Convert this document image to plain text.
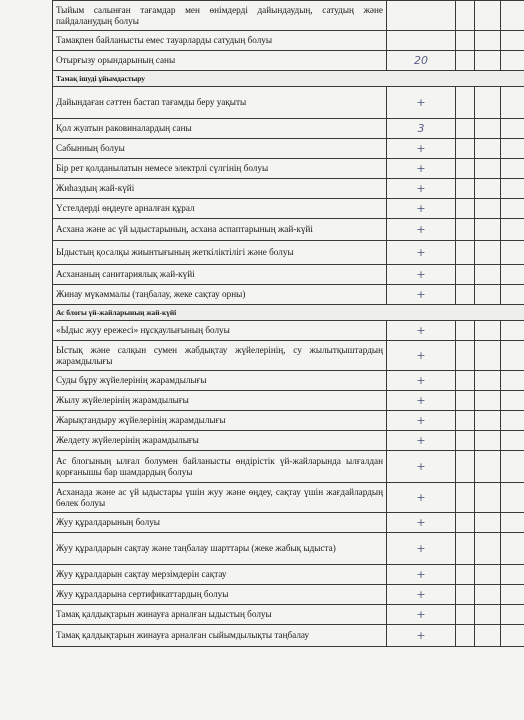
Тыйым салынған тағамдар мен өнімдерді дайындаудың, сатудың және пайдаланудың болуы				
Тамақпен байланысты емес тауарларды сатудың болуы				
Отырғызу орындарының саны	20			
Тамақ ішуді ұйымдастыру				
Дайындаған сәттен бастап тағамды беру уақыты	+			
Қол жуатын раковиналардың саны	3			
Сабынның болуы	+			
Бір рет қолданылатын немесе электрлі сүлгінің болуы	+			
Жиһаздың жай-күйі	+			
Үстелдерді өңдеуге арналған құрал	+			
Асхана және ас үй ыдыстарының, асхана аспаптарының жай-күйі	+			
Ыдыстың қосалқы жиынтығының жеткіліктілігі және болуы	+			
Асхананың санитариялық жай-күйі	+			
Жинау мүкәммалы (таңбалау, жеке сақтау орны)	+			
Ас блогы үй-жайларының жай-күйі				
«Ыдыс жуу ережесі» нұсқаулығының болуы	+			
Ыстық және салқын сумен жабдықтау жүйелерінің, су жылытқыштардың жарамдылығы	+			
Суды бұру жүйелерінің жарамдылығы	+			
Жылу жүйелерінің жарамдылығы	+			
Жарықтандыру жүйелерінің жарамдылығы	+			
Желдету жүйелерінің жарамдылығы	+			
Ас блогының ылғал болумен байланысты өндірістік үй-жайларында ылғалдан қорғанышы бар шамдардың болуы	+			
Асханада және ас үй ыдыстары үшін жуу және өңдеу, сақтау үшін жағдайлардың бөлек болуы	+			
Жуу құралдарының болуы	+			
Жуу құралдарын сақтау және таңбалау шарттары (жеке жабық ыдыста)	+			
Жуу құралдарын сақтау мерзімдерін сақтау	+			
Жуу құралдарына сертификаттардың болуы	+			
Тамақ қалдықтарын жинауға арналған ыдыстың болуы	+			
Тамақ қалдықтарын жинауға арналған сыйымдылықты таңбалау	+			
